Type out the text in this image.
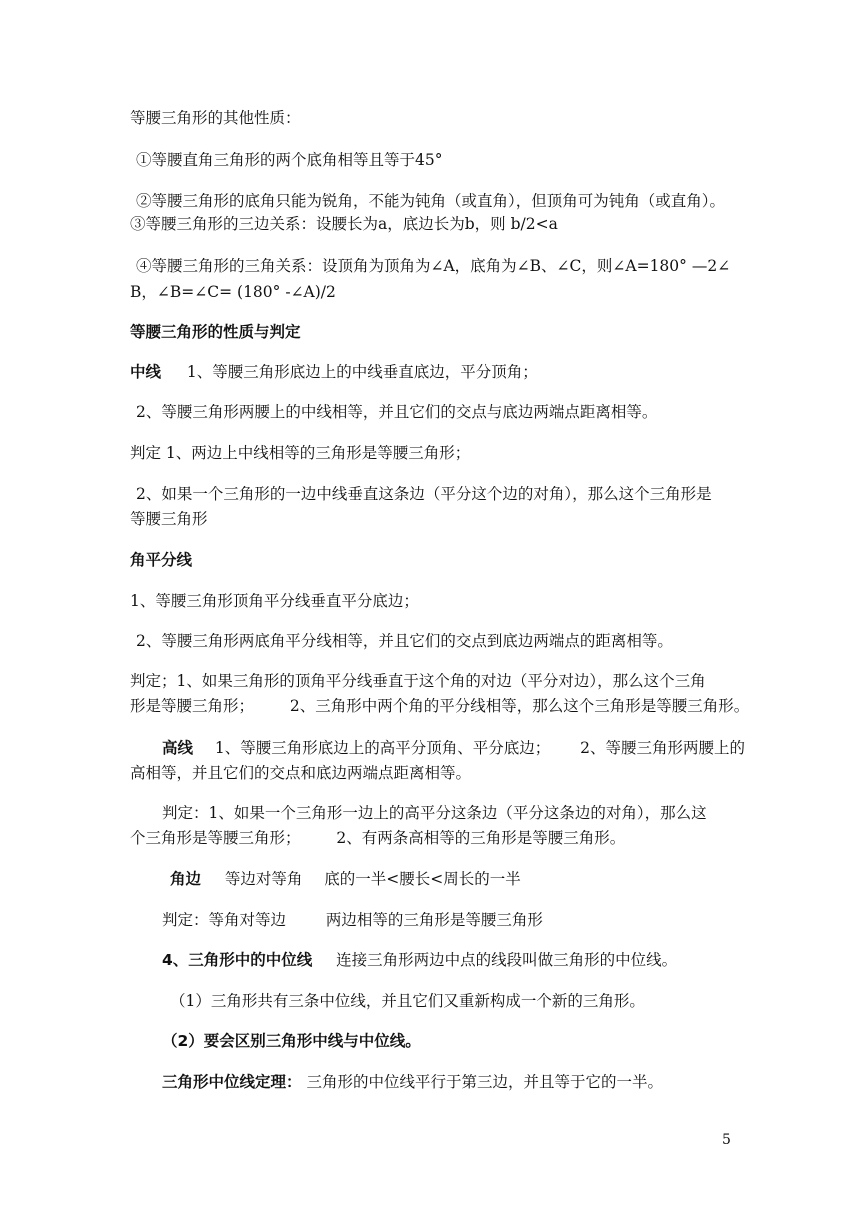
等腰三角形的其他性质：
①等腰直角三角形的两个底角相等且等于45°
②等腰三角形的底角只能为锐角，不能为钝角（或直角），但顶角可为钝角（或直角）。
③等腰三角形的三边关系：设腰长为a，底边长为b，则 b/2<a
④等腰三角形的三角关系：设顶角为顶角为∠A，底角为∠B、∠C，则∠A=180° —2∠
B，∠B=∠C= (180° -∠A)/2
等腰三角形的性质与判定
中线 1、等腰三角形底边上的中线垂直底边，平分顶角；
2、等腰三角形两腰上的中线相等，并且它们的交点与底边两端点距离相等。
判定 1、两边上中线相等的三角形是等腰三角形；
2、如果一个三角形的一边中线垂直这条边（平分这个边的对角），那么这个三角形是
等腰三角形
角平分线
1、等腰三角形顶角平分线垂直平分底边；
2、等腰三角形两底角平分线相等，并且它们的交点到底边两端点的距离相等。
判定；1、如果三角形的顶角平分线垂直于这个角的对边（平分对边），那么这个三角
形是等腰三角形； 2、三角形中两个角的平分线相等，那么这个三角形是等腰三角形。
高线 1、等腰三角形底边上的高平分顶角、平分底边； 2、等腰三角形两腰上的
高相等，并且它们的交点和底边两端点距离相等。
判定：1、如果一个三角形一边上的高平分这条边（平分这条边的对角），那么这
个三角形是等腰三角形； 2、有两条高相等的三角形是等腰三角形。
角边 等边对等角 底的一半<腰长<周长的一半
判定：等角对等边	两边相等的三角形是等腰三角形
4、三角形中的中位线 连接三角形两边中点的线段叫做三角形的中位线。
（1）三角形共有三条中位线，并且它们又重新构成一个新的三角形。
（2）要会区别三角形中线与中位线。
三角形中位线定理： 三角形的中位线平行于第三边，并且等于它的一半。
5
